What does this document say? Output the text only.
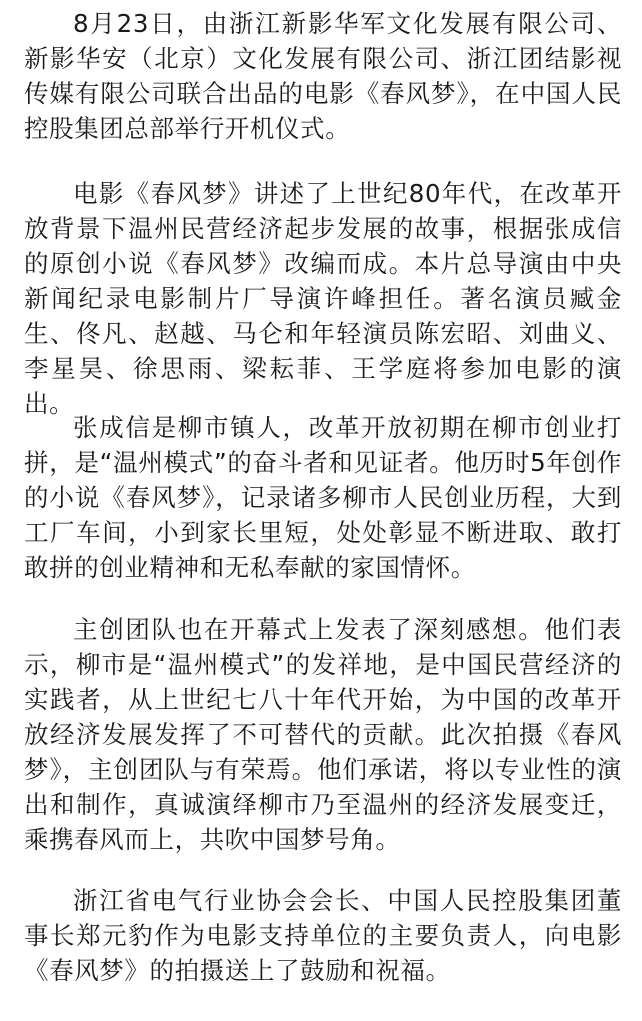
8月23日，由浙江新影华军文化发展有限公司、新影华安（北京）文化发展有限公司、浙江团结影视传媒有限公司联合出品的电影《春风梦》，在中国人民控股集团总部举行开机仪式。

电影《春风梦》讲述了上世纪80年代，在改革开放背景下温州民营经济起步发展的故事，根据张成信的原创小说《春风梦》改编而成。本片总导演由中央新闻纪录电影制片厂导演许峰担任。著名演员臧金生、佟凡、赵越、马仑和年轻演员陈宏昭、刘曲义、李星昊、徐思雨、梁耘菲、王学庭将参加电影的演出。

张成信是柳市镇人，改革开放初期在柳市创业打拼，是“温州模式”的奋斗者和见证者。他历时5年创作的小说《春风梦》，记录诸多柳市人民创业历程，大到工厂车间，小到家长里短，处处彰显不断进取、敢打敢拼的创业精神和无私奉献的家国情怀。

主创团队也在开幕式上发表了深刻感想。他们表示，柳市是“温州模式”的发祥地，是中国民营经济的实践者，从上世纪七八十年代开始，为中国的改革开放经济发展发挥了不可替代的贡献。此次拍摄《春风梦》，主创团队与有荣焉。他们承诺，将以专业性的演出和制作，真诚演绎柳市乃至温州的经济发展变迁，乘携春风而上，共吹中国梦号角。

浙江省电气行业协会会长、中国人民控股集团董事长郑元豹作为电影支持单位的主要负责人，向电影《春风梦》的拍摄送上了鼓励和祝福。
